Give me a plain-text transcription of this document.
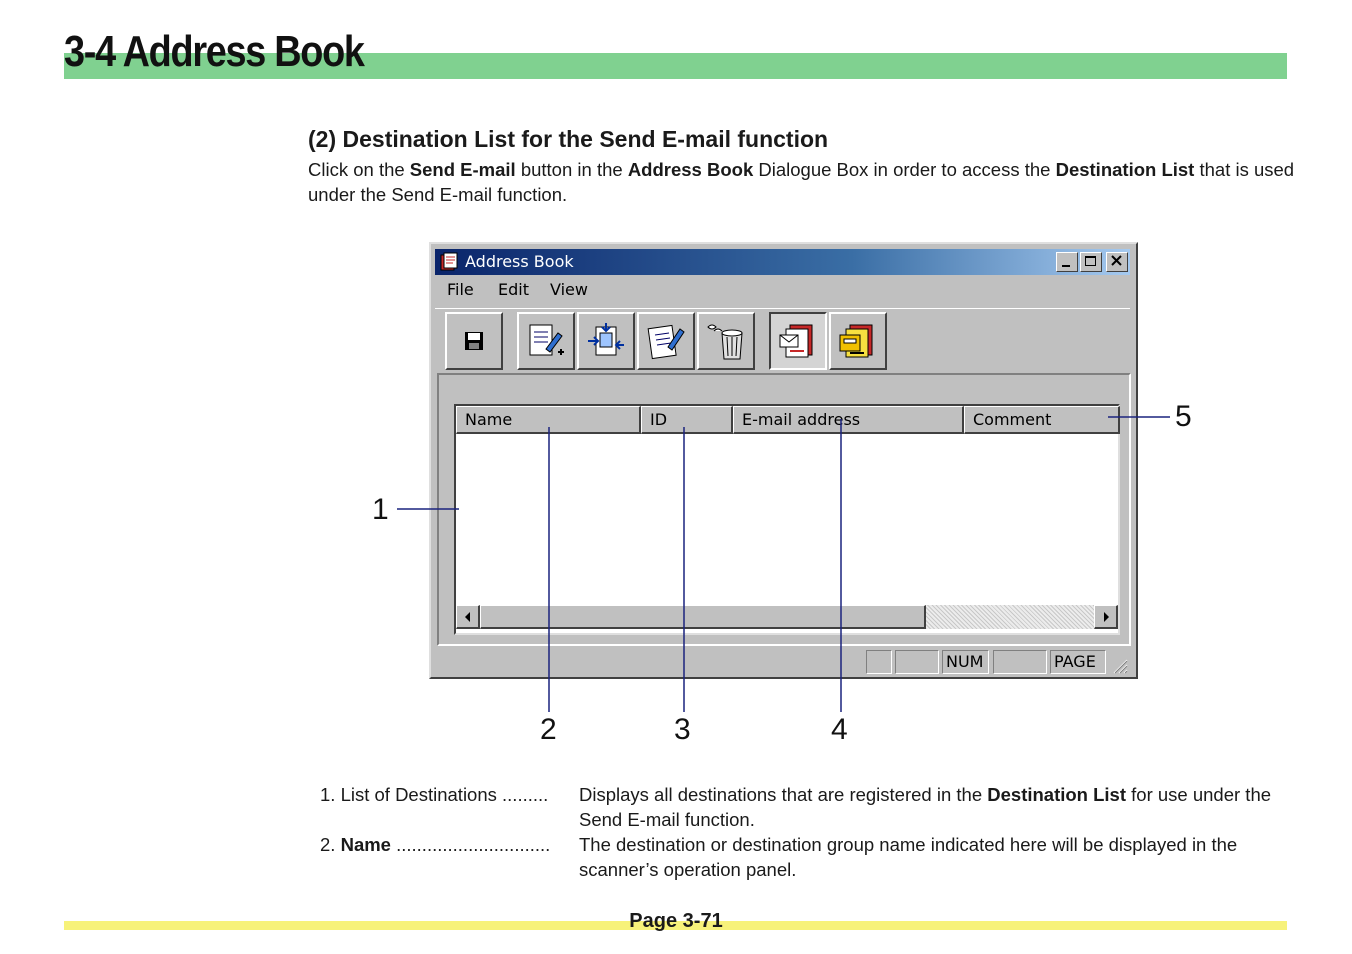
3-4 Address Book
(2) Destination List for the Send E-mail function

Click on the Send E-mail button in the Address Book Dialogue Box in order to access the Destination List that is used under the Send E-mail function.

Address Book
File Edit View
Name	ID	E-mail address	Comment
NUM	PAGE
1
2	3	4
5
1. List of Destinations ......... Displays all destinations that are registered in the Destination List for use under the Send E-mail function.
2. Name .............................. The destination or destination group name indicated here will be displayed in the scanner’s operation panel.
Page 3-71
